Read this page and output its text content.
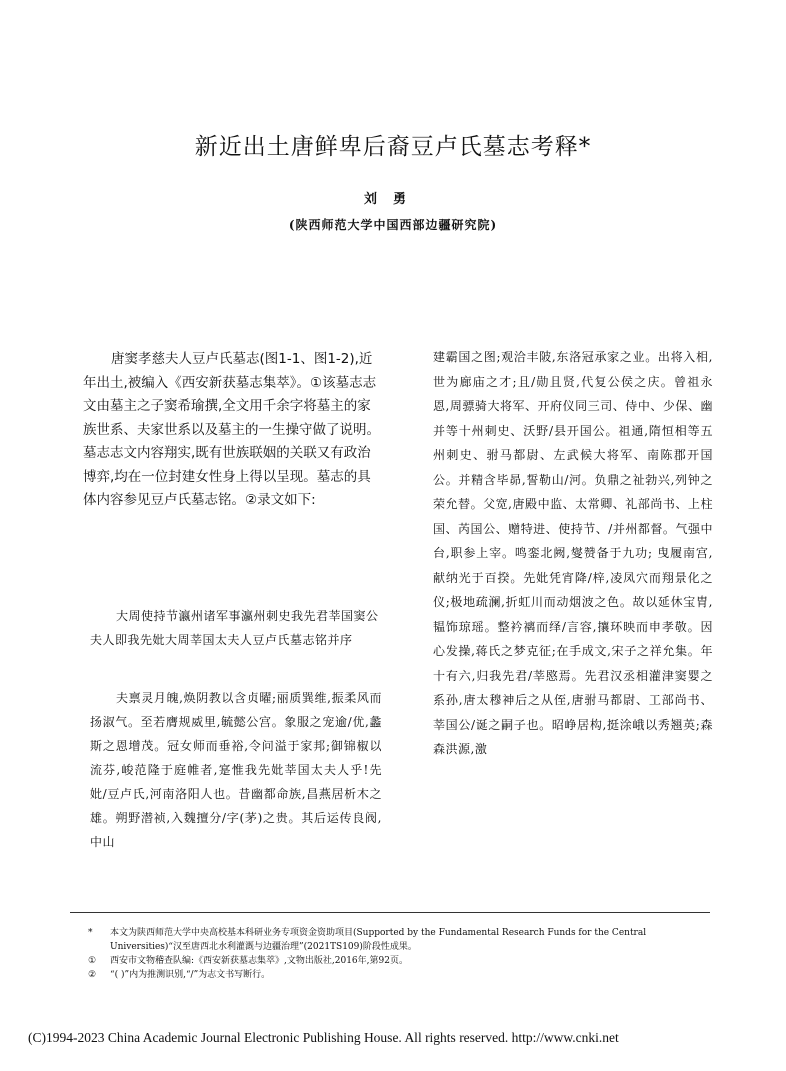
新近出土唐鲜卑后裔豆卢氏墓志考释*
刘勇
(陕西师范大学中国西部边疆研究院)

唐窦孝慈夫人豆卢氏墓志(图1-1、图1-2),近年出土,被编入《西安新获墓志集萃》。①该墓志志文由墓主之子窦希瑜撰,全文用千余字将墓主的家族世系、夫家世系以及墓主的一生操守做了说明。墓志志文内容翔实,既有世族联姻的关联又有政治博弈,均在一位封建女性身上得以呈现。墓志的具体内容参见豆卢氏墓志铭。②录文如下:

大周使持节瀛州诸军事瀛州刺史我先君莘国窦公夫人即我先妣大周莘国太夫人豆卢氏墓志铭并序

夫禀灵月魄,焕阴教以含贞曜;丽质巽维,振柔风而扬淑气。至若膺规威里,毓懿公宫。象服之宠逾/优,蠡斯之恩增茂。冠女师而垂裕,令问溢于家邦;御锦椒以流芬,峻范隆于庭帷者,寔惟我先妣莘国太夫人乎!先妣/豆卢氏,河南洛阳人也。昔幽都命族,昌燕居析木之雄。朔野潜祯,入魏擅分/字(茅)之贵。其后运传良阀,中山

建霸国之图;观洽丰陂,东洛冠承家之业。出将入相,世为廊庙之才;且/勋且贤,代复公侯之庆。曾祖永恩,周骠骑大将军、开府仪同三司、侍中、少保、幽并等十州刺史、沃野/县开国公。祖通,隋恒相等五州刺史、驸马都尉、左武候大将军、南陈郡开国公。并精含毕昴,誓勒山/河。负鼎之祉勃兴,列钟之荣允替。父宽,唐殿中监、太常卿、礼部尚书、上柱国、芮国公、赠特进、使持节、/并州都督。气强中台,职参上宰。鸣銮北阙,燮赞备于九功; 曳履南宫,献纳光于百揆。先妣凭宵降/梓,凌凤穴而翔景化之仪;极地疏澜,折虹川而动烟波之色。故以延休宝胄,韫饰琼瑶。整衿褵而绎/言容,攘环映而申孝敬。因心发操,蒋氏之梦克征;在手成文,宋子之祥允集。年十有六,归我先君/莘愍焉。先君汉丞相灌津窦婴之系孙,唐太穆神后之从侄,唐驸马都尉、工部尚书、莘国公/诞之嗣子也。昭峥居构,挺涂峨以秀翘英;森森洪源,激

* 本文为陕西师范大学中央高校基本科研业务专项资金资助项目(Supported by the Fundamental Research Funds for the Central Universities)“汉至唐西北水利灌溉与边疆治理”(2021TS109)阶段性成果。
① 西安市文物稽查队编:《西安新获墓志集萃》,文物出版社,2016年,第92页。
② “( )”内为推测识别,“/”为志文书写断行。
(C)1994-2023 China Academic Journal Electronic Publishing House. All rights reserved. http://www.cnki.net
